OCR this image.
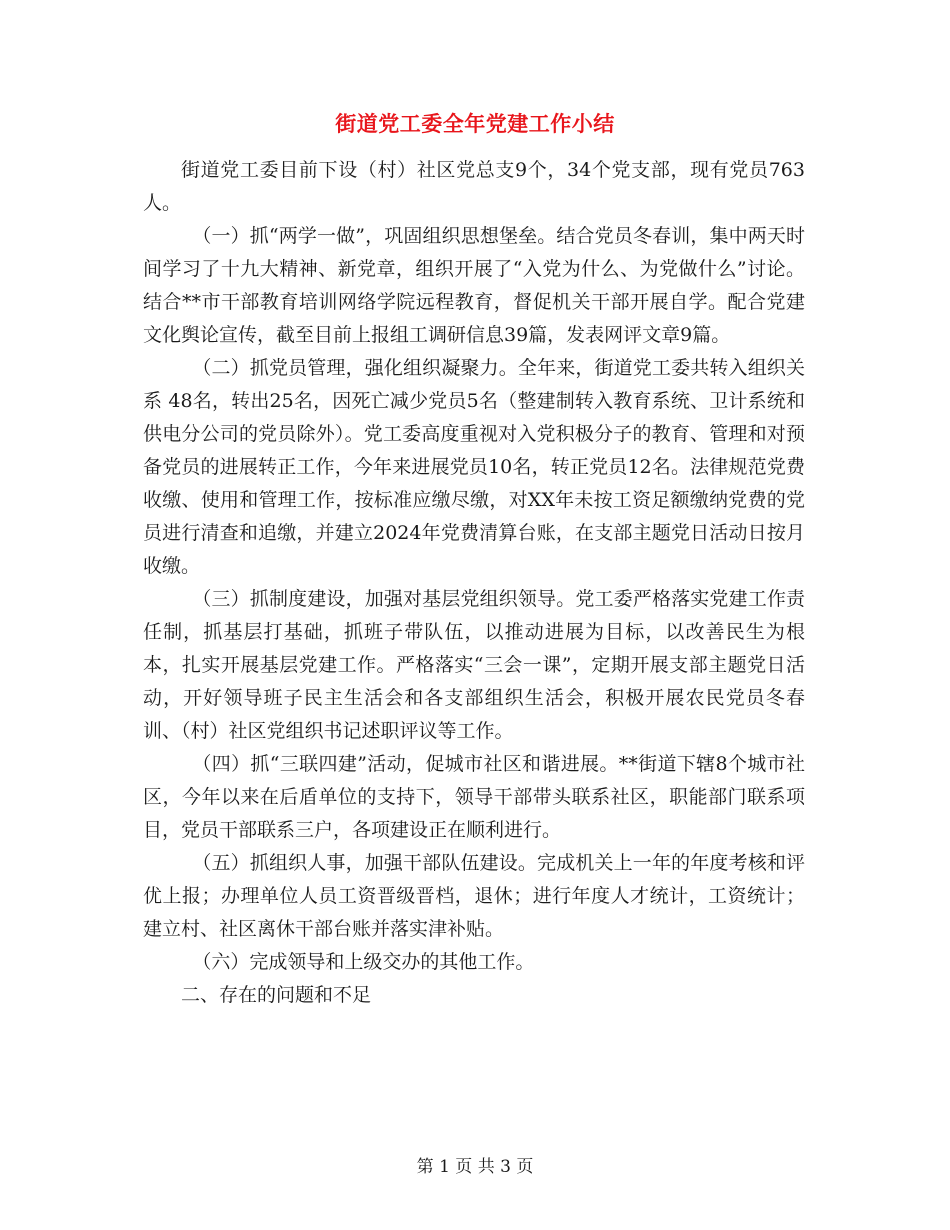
街道党工委全年党建工作小结

街道党工委目前下设（村）社区党总支9个，34个党支部，现有党员763人。

（一）抓“两学一做”，巩固组织思想堡垒。结合党员冬春训，集中两天时间学习了十九大精神、新党章，组织开展了“入党为什么、为党做什么”讨论。结合**市干部教育培训网络学院远程教育，督促机关干部开展自学。配合党建文化舆论宣传，截至目前上报组工调研信息39篇，发表网评文章9篇。

（二）抓党员管理，强化组织凝聚力。全年来，街道党工委共转入组织关系 48名，转出25名，因死亡减少党员5名（整建制转入教育系统、卫计系统和供电分公司的党员除外）。党工委高度重视对入党积极分子的教育、管理和对预备党员的进展转正工作，今年来进展党员10名，转正党员12名。法律规范党费收缴、使用和管理工作，按标准应缴尽缴，对XX年未按工资足额缴纳党费的党员进行清查和追缴，并建立2024年党费清算台账，在支部主题党日活动日按月收缴。

（三）抓制度建设，加强对基层党组织领导。党工委严格落实党建工作责任制，抓基层打基础，抓班子带队伍，以推动进展为目标，以改善民生为根本，扎实开展基层党建工作。严格落实“三会一课”，定期开展支部主题党日活动，开好领导班子民主生活会和各支部组织生活会，积极开展农民党员冬春训、（村）社区党组织书记述职评议等工作。

（四）抓“三联四建”活动，促城市社区和谐进展。**街道下辖8个城市社区，今年以来在后盾单位的支持下，领导干部带头联系社区，职能部门联系项目，党员干部联系三户，各项建设正在顺利进行。

（五）抓组织人事，加强干部队伍建设。完成机关上一年的年度考核和评优上报；办理单位人员工资晋级晋档，退休；进行年度人才统计，工资统计；建立村、社区离休干部台账并落实津补贴。

（六）完成领导和上级交办的其他工作。

二、存在的问题和不足

第 1 页 共 3 页
